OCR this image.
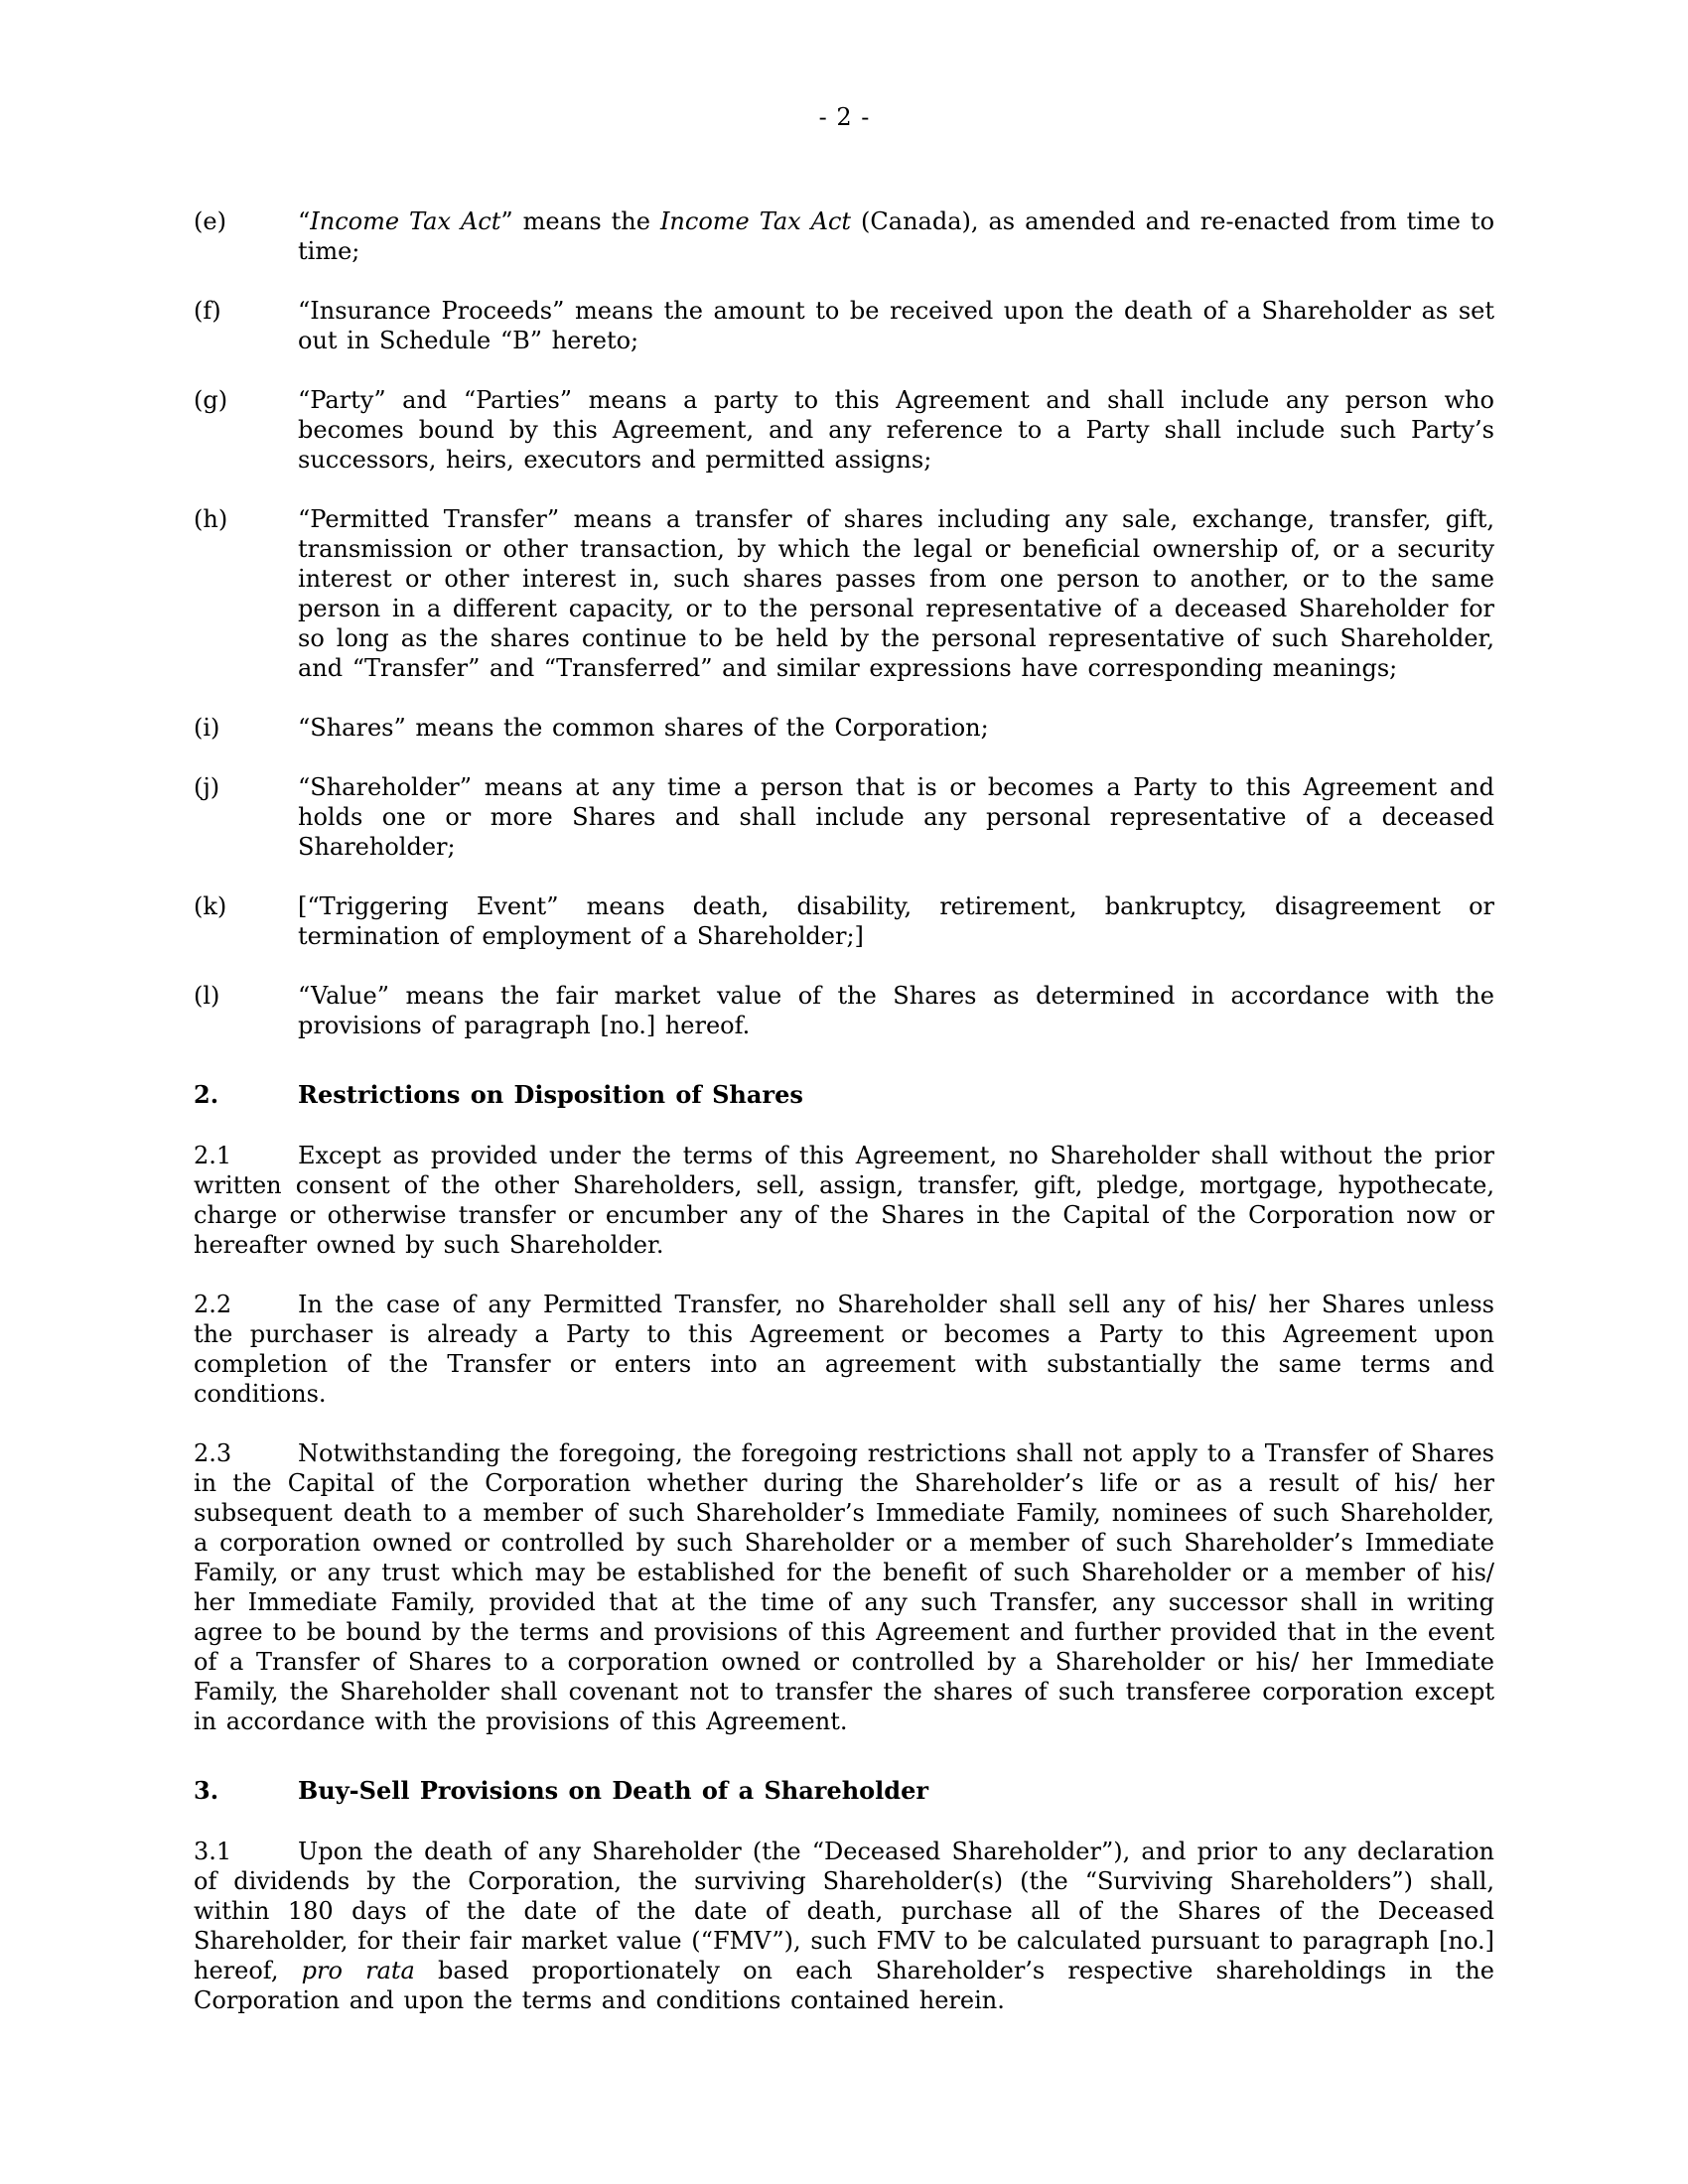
- 2 -
(e)	“Income Tax Act” means the Income Tax Act (Canada), as amended and re-enacted from time to time;
(f)	“Insurance Proceeds” means the amount to be received upon the death of a Shareholder as set out in Schedule “B” hereto;
(g)	“Party” and “Parties” means a party to this Agreement and shall include any person who becomes bound by this Agreement, and any reference to a Party shall include such Party’s successors, heirs, executors and permitted assigns;
(h)	“Permitted Transfer” means a transfer of shares including any sale, exchange, transfer, gift, transmission or other transaction, by which the legal or beneficial ownership of, or a security interest or other interest in, such shares passes from one person to another, or to the same person in a different capacity, or to the personal representative of a deceased Shareholder for so long as the shares continue to be held by the personal representative of such Shareholder, and “Transfer” and “Transferred” and similar expressions have corresponding meanings;
(i)	“Shares” means the common shares of the Corporation;
(j)	“Shareholder” means at any time a person that is or becomes a Party to this Agreement and holds one or more Shares and shall include any personal representative of a deceased Shareholder;
(k)	[“Triggering Event” means death, disability, retirement, bankruptcy, disagreement or termination of employment of a Shareholder;]
(l)	“Value” means the fair market value of the Shares as determined in accordance with the provisions of paragraph [no.] hereof.

2.	Restrictions on Disposition of Shares

2.1	Except as provided under the terms of this Agreement, no Shareholder shall without the prior written consent of the other Shareholders, sell, assign, transfer, gift, pledge, mortgage, hypothecate, charge or otherwise transfer or encumber any of the Shares in the Capital of the Corporation now or hereafter owned by such Shareholder.

2.2	In the case of any Permitted Transfer, no Shareholder shall sell any of his/ her Shares unless the purchaser is already a Party to this Agreement or becomes a Party to this Agreement upon completion of the Transfer or enters into an agreement with substantially the same terms and conditions.

2.3	Notwithstanding the foregoing, the foregoing restrictions shall not apply to a Transfer of Shares in the Capital of the Corporation whether during the Shareholder’s life or as a result of his/ her subsequent death to a member of such Shareholder’s Immediate Family, nominees of such Shareholder, a corporation owned or controlled by such Shareholder or a member of such Shareholder’s Immediate Family, or any trust which may be established for the benefit of such Shareholder or a member of his/ her Immediate Family, provided that at the time of any such Transfer, any successor shall in writing agree to be bound by the terms and provisions of this Agreement and further provided that in the event of a Transfer of Shares to a corporation owned or controlled by a Shareholder or his/ her Immediate Family, the Shareholder shall covenant not to transfer the shares of such transferee corporation except in accordance with the provisions of this Agreement.

3.	Buy-Sell Provisions on Death of a Shareholder

3.1	Upon the death of any Shareholder (the “Deceased Shareholder”), and prior to any declaration of dividends by the Corporation, the surviving Shareholder(s) (the “Surviving Shareholders”) shall, within 180 days of the date of the date of death, purchase all of the Shares of the Deceased Shareholder, for their fair market value (“FMV”), such FMV to be calculated pursuant to paragraph [no.] hereof, pro rata based proportionately on each Shareholder’s respective shareholdings in the Corporation and upon the terms and conditions contained herein.
